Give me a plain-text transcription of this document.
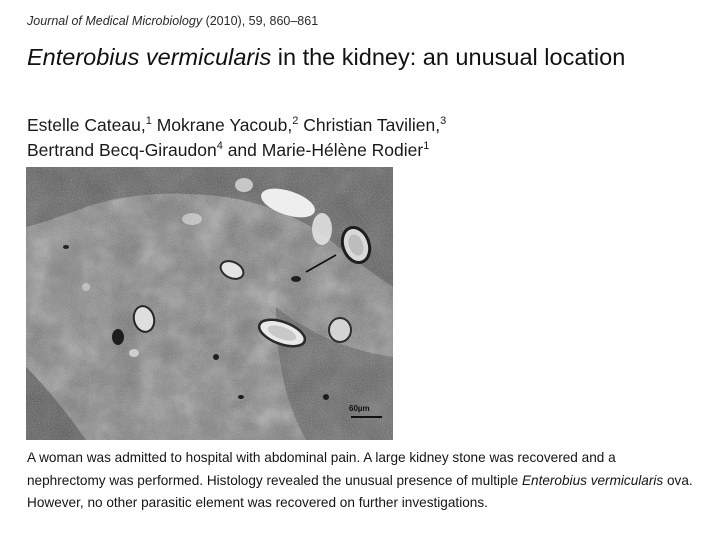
Journal of Medical Microbiology (2010), 59, 860–861
Enterobius vermicularis in the kidney: an unusual location
Estelle Cateau,$^1$ Mokrane Yacoub,$^2$ Christian Tavilien,$^3$
Bertrand Becq-Giraudon$^4$ and Marie-Hélène Rodier$^1$
60µm

A woman was admitted to hospital with abdominal pain. A large kidney stone was recovered and a nephrectomy was performed. Histology revealed the unusual presence of multiple Enterobius vermicularis ova. However, no other parasitic element was recovered on further investigations.
